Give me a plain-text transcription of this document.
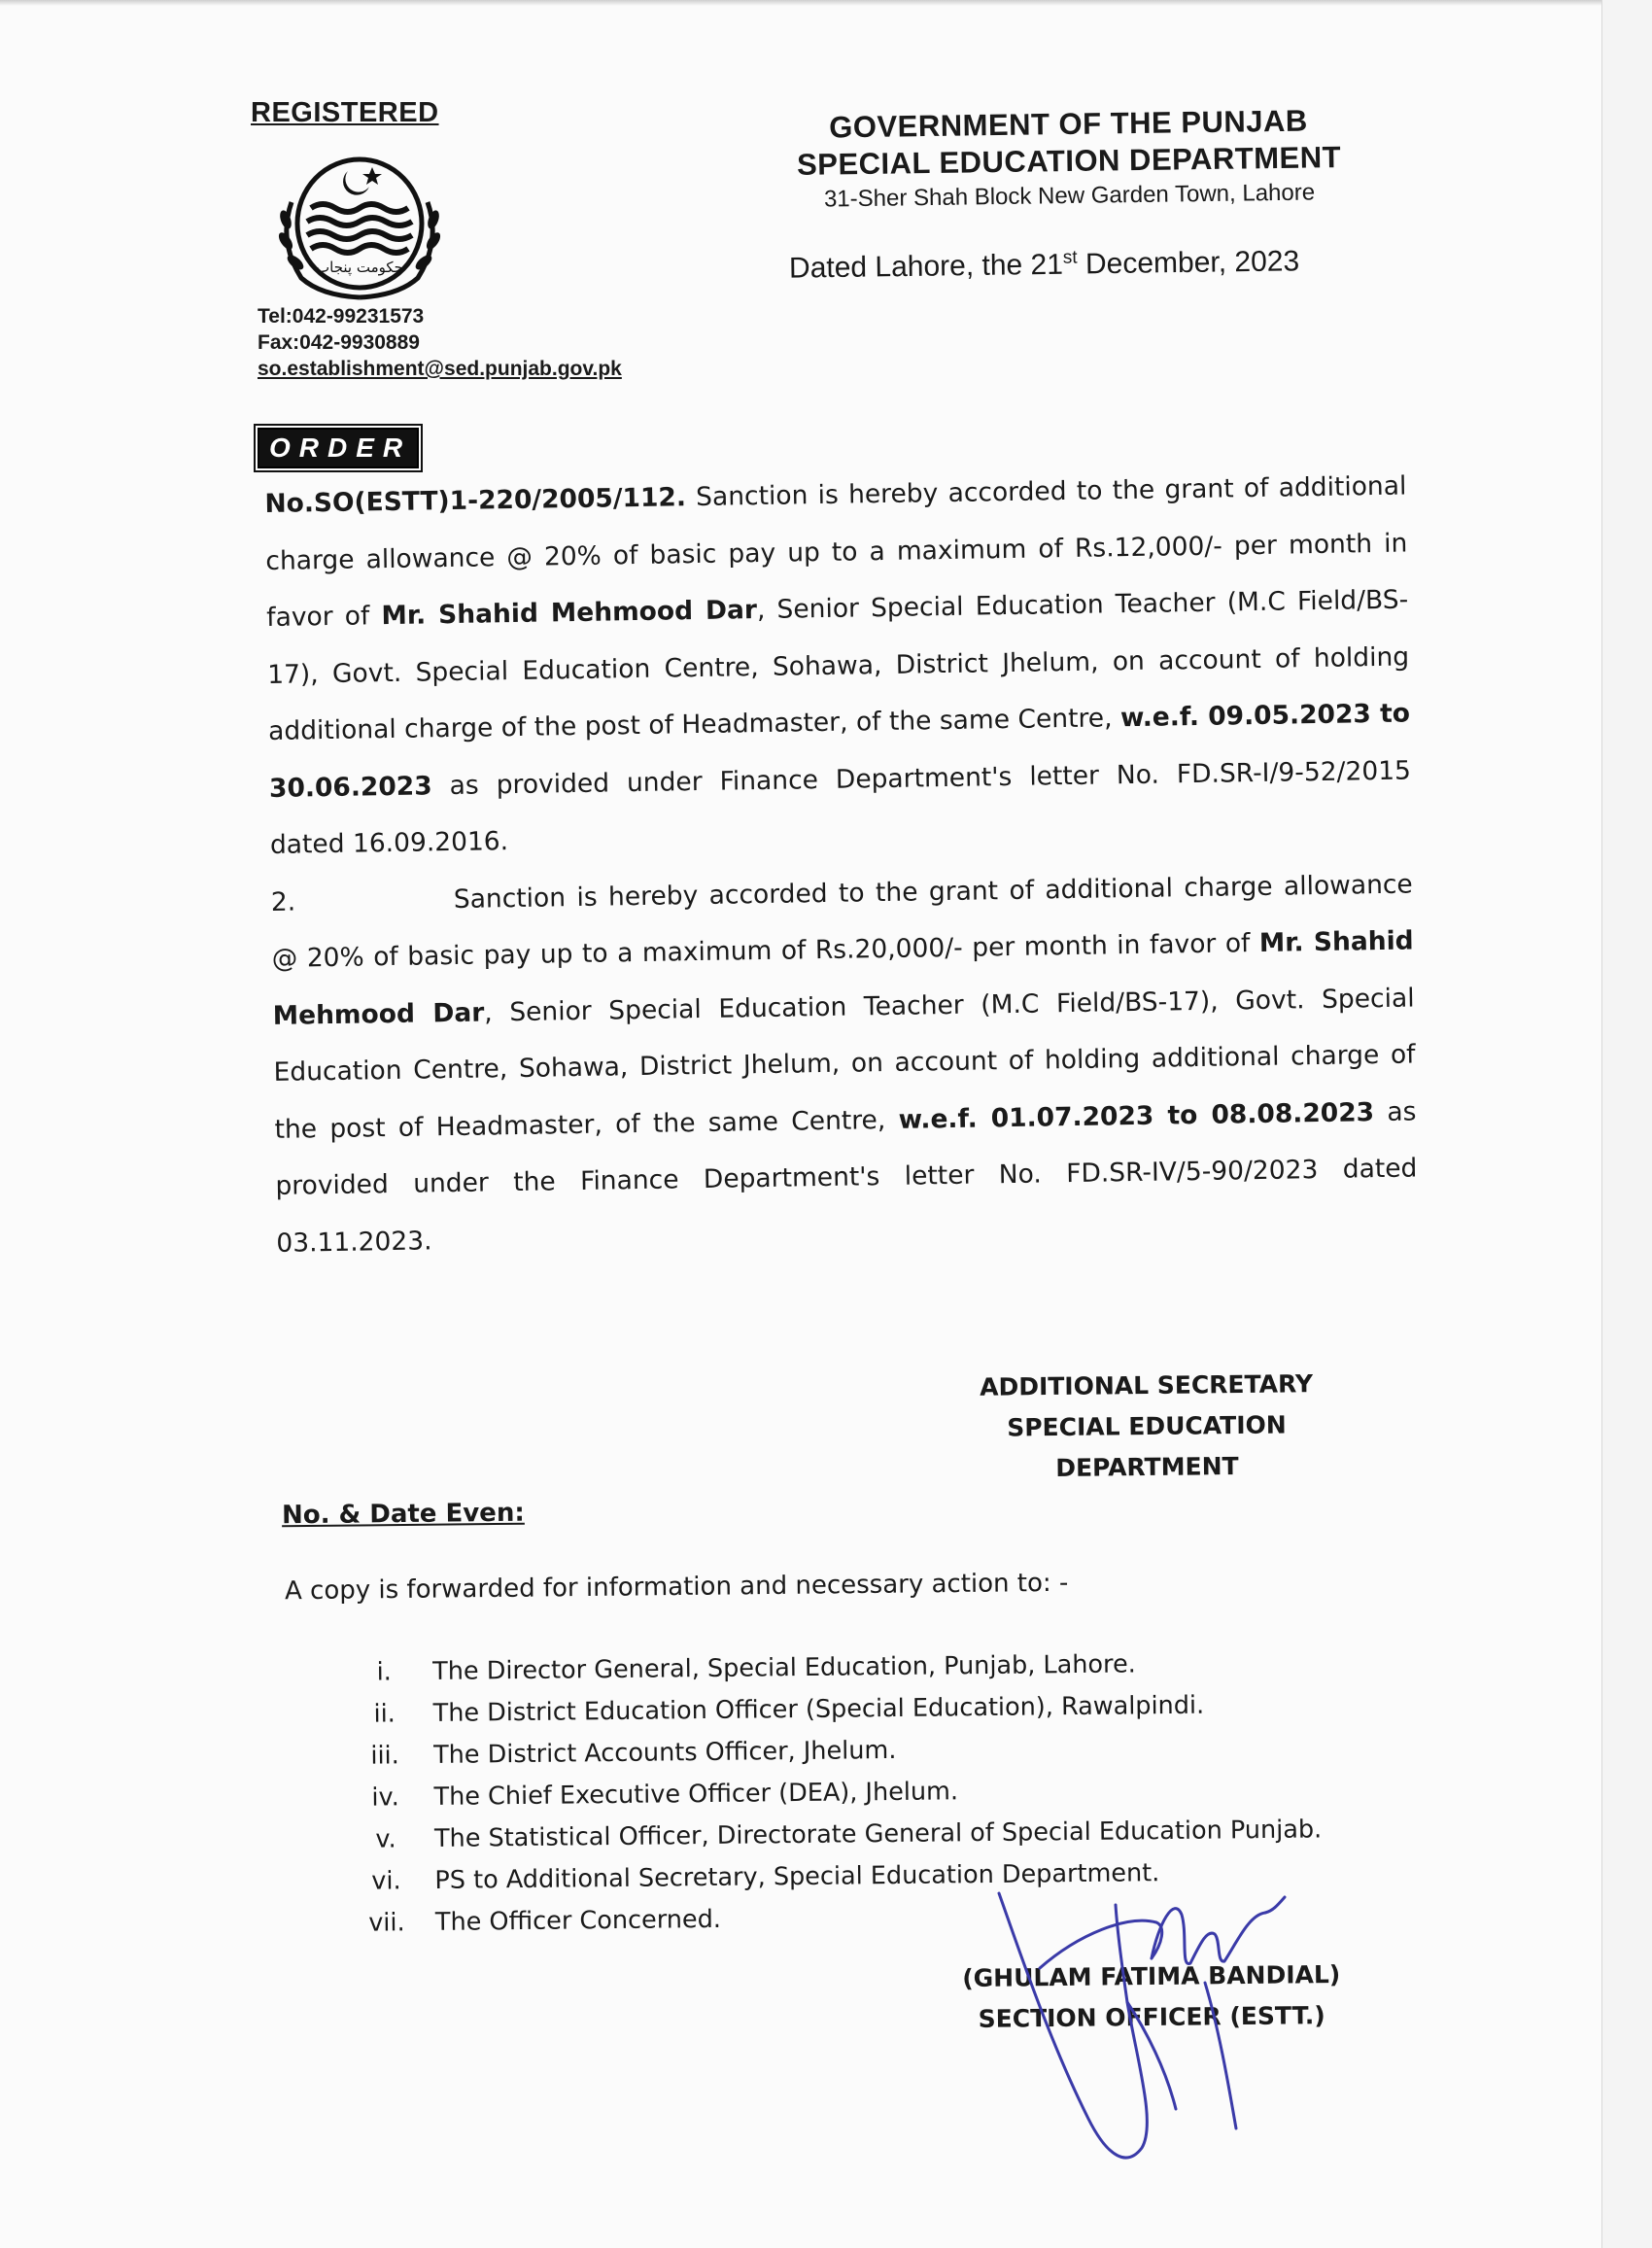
REGISTERED
حکومت پنجاب
Tel:042-99231573
Fax:042-9930889
so.establishment@sed.punjab.gov.pk
GOVERNMENT OF THE PUNJAB
SPECIAL EDUCATION DEPARTMENT
31-Sher Shah Block New Garden Town, Lahore
Dated Lahore, the 21st December, 2023
ORDER

No.SO(ESTT)1-220/2005/112. Sanction is hereby accorded to the grant of additional charge allowance @ 20% of basic pay up to a maximum of Rs.12,000/- per month in favor of Mr. Shahid Mehmood Dar, Senior Special Education Teacher (M.C Field/BS-17), Govt. Special Education Centre, Sohawa, District Jhelum, on account of holding additional charge of the post of Headmaster, of the same Centre, w.e.f. 09.05.2023 to 30.06.2023 as provided under Finance Department's letter No. FD.SR-I/9-52/2015 dated 16.09.2016.

2.	Sanction is hereby accorded to the grant of additional charge allowance @ 20% of basic pay up to a maximum of Rs.20,000/- per month in favor of Mr. Shahid Mehmood Dar, Senior Special Education Teacher (M.C Field/BS-17), Govt. Special Education Centre, Sohawa, District Jhelum, on account of holding additional charge of the post of Headmaster, of the same Centre, w.e.f. 01.07.2023 to 08.08.2023 as provided under the Finance Department's letter No. FD.SR-IV/5-90/2023 dated 03.11.2023.

ADDITIONAL SECRETARY
SPECIAL EDUCATION
DEPARTMENT
No. & Date Even:
A copy is forwarded for information and necessary action to: -
i.	The Director General, Special Education, Punjab, Lahore.
ii.	The District Education Officer (Special Education), Rawalpindi.
iii.	The District Accounts Officer, Jhelum.
iv.	The Chief Executive Officer (DEA), Jhelum.
v.	The Statistical Officer, Directorate General of Special Education Punjab.
vi.	PS to Additional Secretary, Special Education Department.
vii.	The Officer Concerned.
(GHULAM FATIMA BANDIAL)
SECTION OFFICER (ESTT.)
